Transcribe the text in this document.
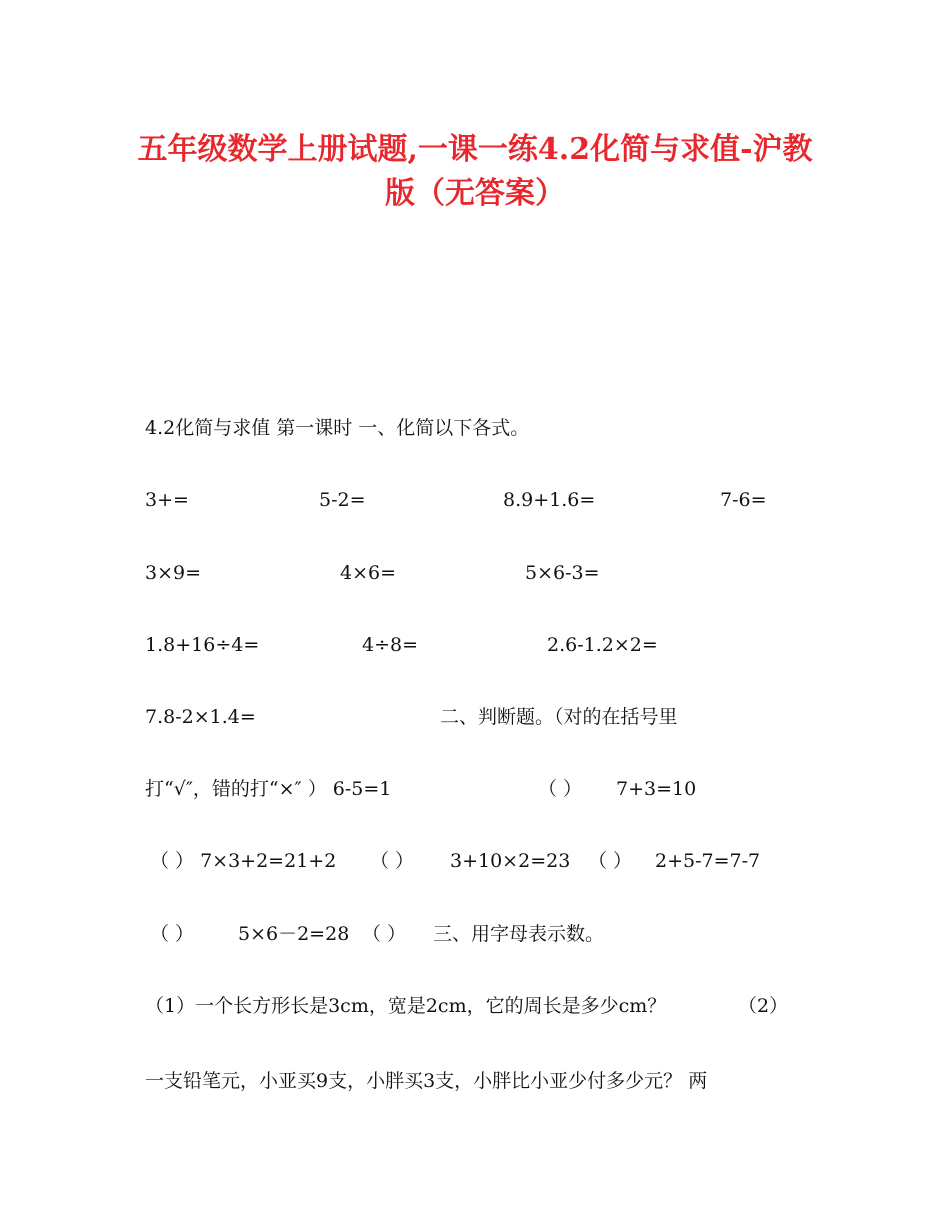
五年级数学上册试题,一课一练4.2化简与求值-沪教
版（无答案）
4.2化简与求值 第一课时 一、化简以下各式。
3+=	5-2=	8.9+1.6=	7-6=
3×9=	4×6=	5×6-3=
1.8+16÷4=	4÷8=	2.6-1.2×2=
7.8-2×1.4=	二、判断题。（对的在括号里
打“√″，错的打“×″ ） 6-5=1	（ ） 7+3=10
（ ） 7×3+2=21+2 （ ） 3+10×2=23 （ ） 2+5-7=7-7
（ ） 5×6－2=28 （ ） 三、用字母表示数。
（1）一个长方形长是3cm，宽是2cm，它的周长是多少cm？	（2）
一支铅笔元，小亚买9支，小胖买3支，小胖比小亚少付多少元？ 两
